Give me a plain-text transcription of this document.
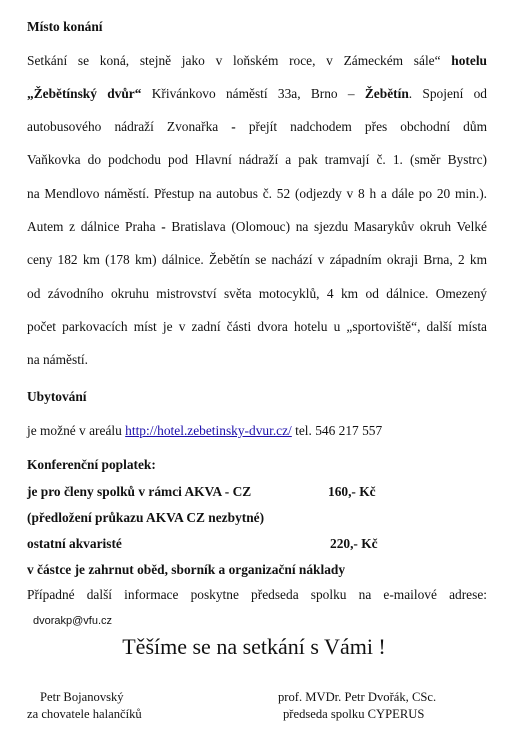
Místo konání
Setkání se koná, stejně jako v loňském roce, v Zámeckém sále“ hotelu
„Žebětínský dvůr“ Křivánkovo náměstí 33a, Brno – Žebětín. Spojení od
autobusového nádraží Zvonařka - přejít nadchodem přes obchodní dům
Vaňkovka do podchodu pod Hlavní nádraží a pak tramvají č. 1. (směr Bystrc)
na Mendlovo náměstí. Přestup na autobus č. 52 (odjezdy v 8 h a dále po 20 min.).
Autem z dálnice Praha - Bratislava (Olomouc) na sjezdu Masarykův okruh Velké
ceny 182 km (178 km) dálnice. Žebětín se nachází v západním okraji Brna, 2 km
od závodního okruhu mistrovství světa motocyklů, 4 km od dálnice. Omezený
počet parkovacích míst je v zadní části dvora hotelu u „sportoviště“, další místa
na náměstí.
Ubytování
je možné v areálu http://hotel.zebetinsky-dvur.cz/ tel. 546 217 557
Konferenční poplatek:
je pro členy spolků v rámci AKVA - CZ	160,- Kč
(předložení průkazu AKVA CZ nezbytné)
ostatní akvaristé	220,- Kč
v částce je zahrnut oběd, sborník a organizační náklady
Případné další informace poskytne předseda spolku na e-mailové adrese:
dvorakp@vfu.cz
Těšíme se na setkání s Vámi !
Petr Bojanovský
za chovatele halančíků
prof. MVDr. Petr Dvořák, CSc.
předseda spolku CYPERUS
